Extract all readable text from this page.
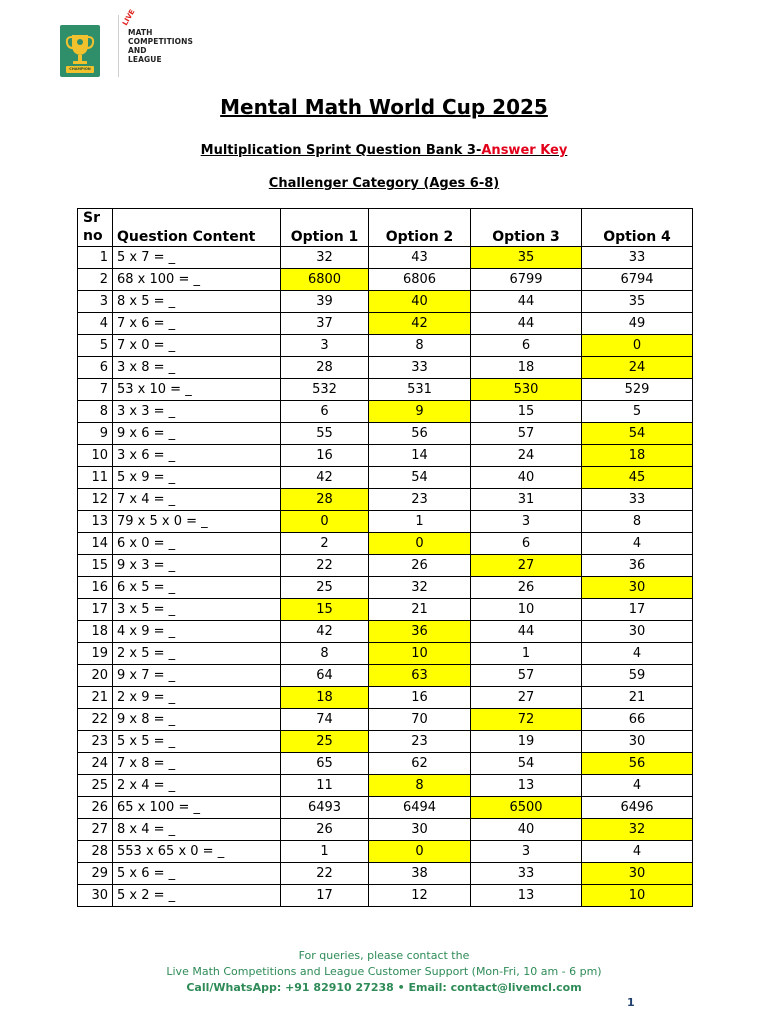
CHAMPION
LIVE
MATH
COMPETITIONS
AND
LEAGUE
Mental Math World Cup 2025
Multiplication Sprint Question Bank 3-Answer Key
Challenger Category (Ages 6-8)
Sr
no	Question Content	Option 1	Option 2	Option 3	Option 4
1	5 x 7 = _	32	43	35	33
2	68 x 100 = _	6800	6806	6799	6794
3	8 x 5 = _	39	40	44	35
4	7 x 6 = _	37	42	44	49
5	7 x 0 = _	3	8	6	0
6	3 x 8 = _	28	33	18	24
7	53 x 10 = _	532	531	530	529
8	3 x 3 = _	6	9	15	5
9	9 x 6 = _	55	56	57	54
10	3 x 6 = _	16	14	24	18
11	5 x 9 = _	42	54	40	45
12	7 x 4 = _	28	23	31	33
13	79 x 5 x 0 = _	0	1	3	8
14	6 x 0 = _	2	0	6	4
15	9 x 3 = _	22	26	27	36
16	6 x 5 = _	25	32	26	30
17	3 x 5 = _	15	21	10	17
18	4 x 9 = _	42	36	44	30
19	2 x 5 = _	8	10	1	4
20	9 x 7 = _	64	63	57	59
21	2 x 9 = _	18	16	27	21
22	9 x 8 = _	74	70	72	66
23	5 x 5 = _	25	23	19	30
24	7 x 8 = _	65	62	54	56
25	2 x 4 = _	11	8	13	4
26	65 x 100 = _	6493	6494	6500	6496
27	8 x 4 = _	26	30	40	32
28	553 x 65 x 0 = _	1	0	3	4
29	5 x 6 = _	22	38	33	30
30	5 x 2 = _	17	12	13	10
For queries, please contact the
Live Math Competitions and League Customer Support (Mon-Fri, 10 am - 6 pm)
Call/WhatsApp: +91 82910 27238 • Email: contact@livemcl.com
1
